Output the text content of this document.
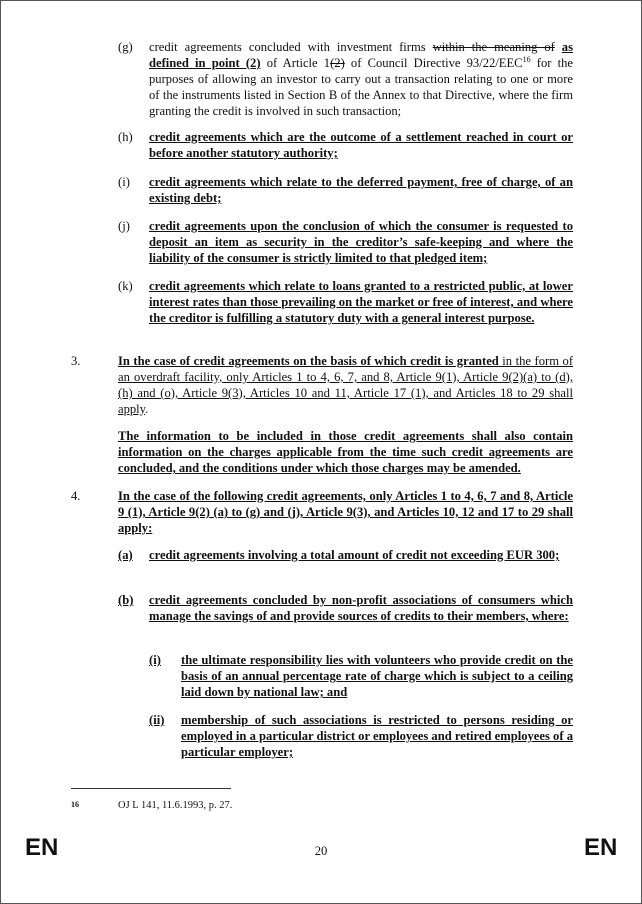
(g) credit agreements concluded with investment firms within the meaning of as defined in point (2) of Article 1(2) of Council Directive 93/22/EEC$^{16}$ for the purposes of allowing an investor to carry out a transaction relating to one or more of the instruments listed in Section B of the Annex to that Directive, where the firm granting the credit is involved in such transaction;
(h) credit agreements which are the outcome of a settlement reached in court or before another statutory authority;
(i) credit agreements which relate to the deferred payment, free of charge, of an existing debt;
(j) credit agreements upon the conclusion of which the consumer is requested to deposit an item as security in the creditor’s safe-keeping and where the liability of the consumer is strictly limited to that pledged item;
(k) credit agreements which relate to loans granted to a restricted public, at lower interest rates than those prevailing on the market or free of interest, and where the creditor is fulfilling a statutory duty with a general interest purpose.
3.	In the case of credit agreements on the basis of which credit is granted in the form of an overdraft facility, only Articles 1 to 4, 6, 7, and 8, Article 9(1), Article 9(2)(a) to (d), (h) and (o), Article 9(3), Articles 10 and 11, Article 17 (1), and Articles 18 to 29 shall apply.
The information to be included in those credit agreements shall also contain information on the charges applicable from the time such credit agreements are concluded, and the conditions under which those charges may be amended.
4.	In the case of the following credit agreements, only Articles 1 to 4, 6, 7 and 8, Article 9 (1), Article 9(2) (a) to (g) and (j), Article 9(3), and Articles 10, 12 and 17 to 29 shall apply:
(a) credit agreements involving a total amount of credit not exceeding EUR 300;
(b) credit agreements concluded by non-profit associations of consumers which manage the savings of and provide sources of credits to their members, where:
(i) the ultimate responsibility lies with volunteers who provide credit on the basis of an annual percentage rate of charge which is subject to a ceiling laid down by national law; and
(ii) membership of such associations is restricted to persons residing or employed in a particular district or employees and retired employees of a particular employer;
16	OJ L 141, 11.6.1993, p. 27.
EN	20	EN
